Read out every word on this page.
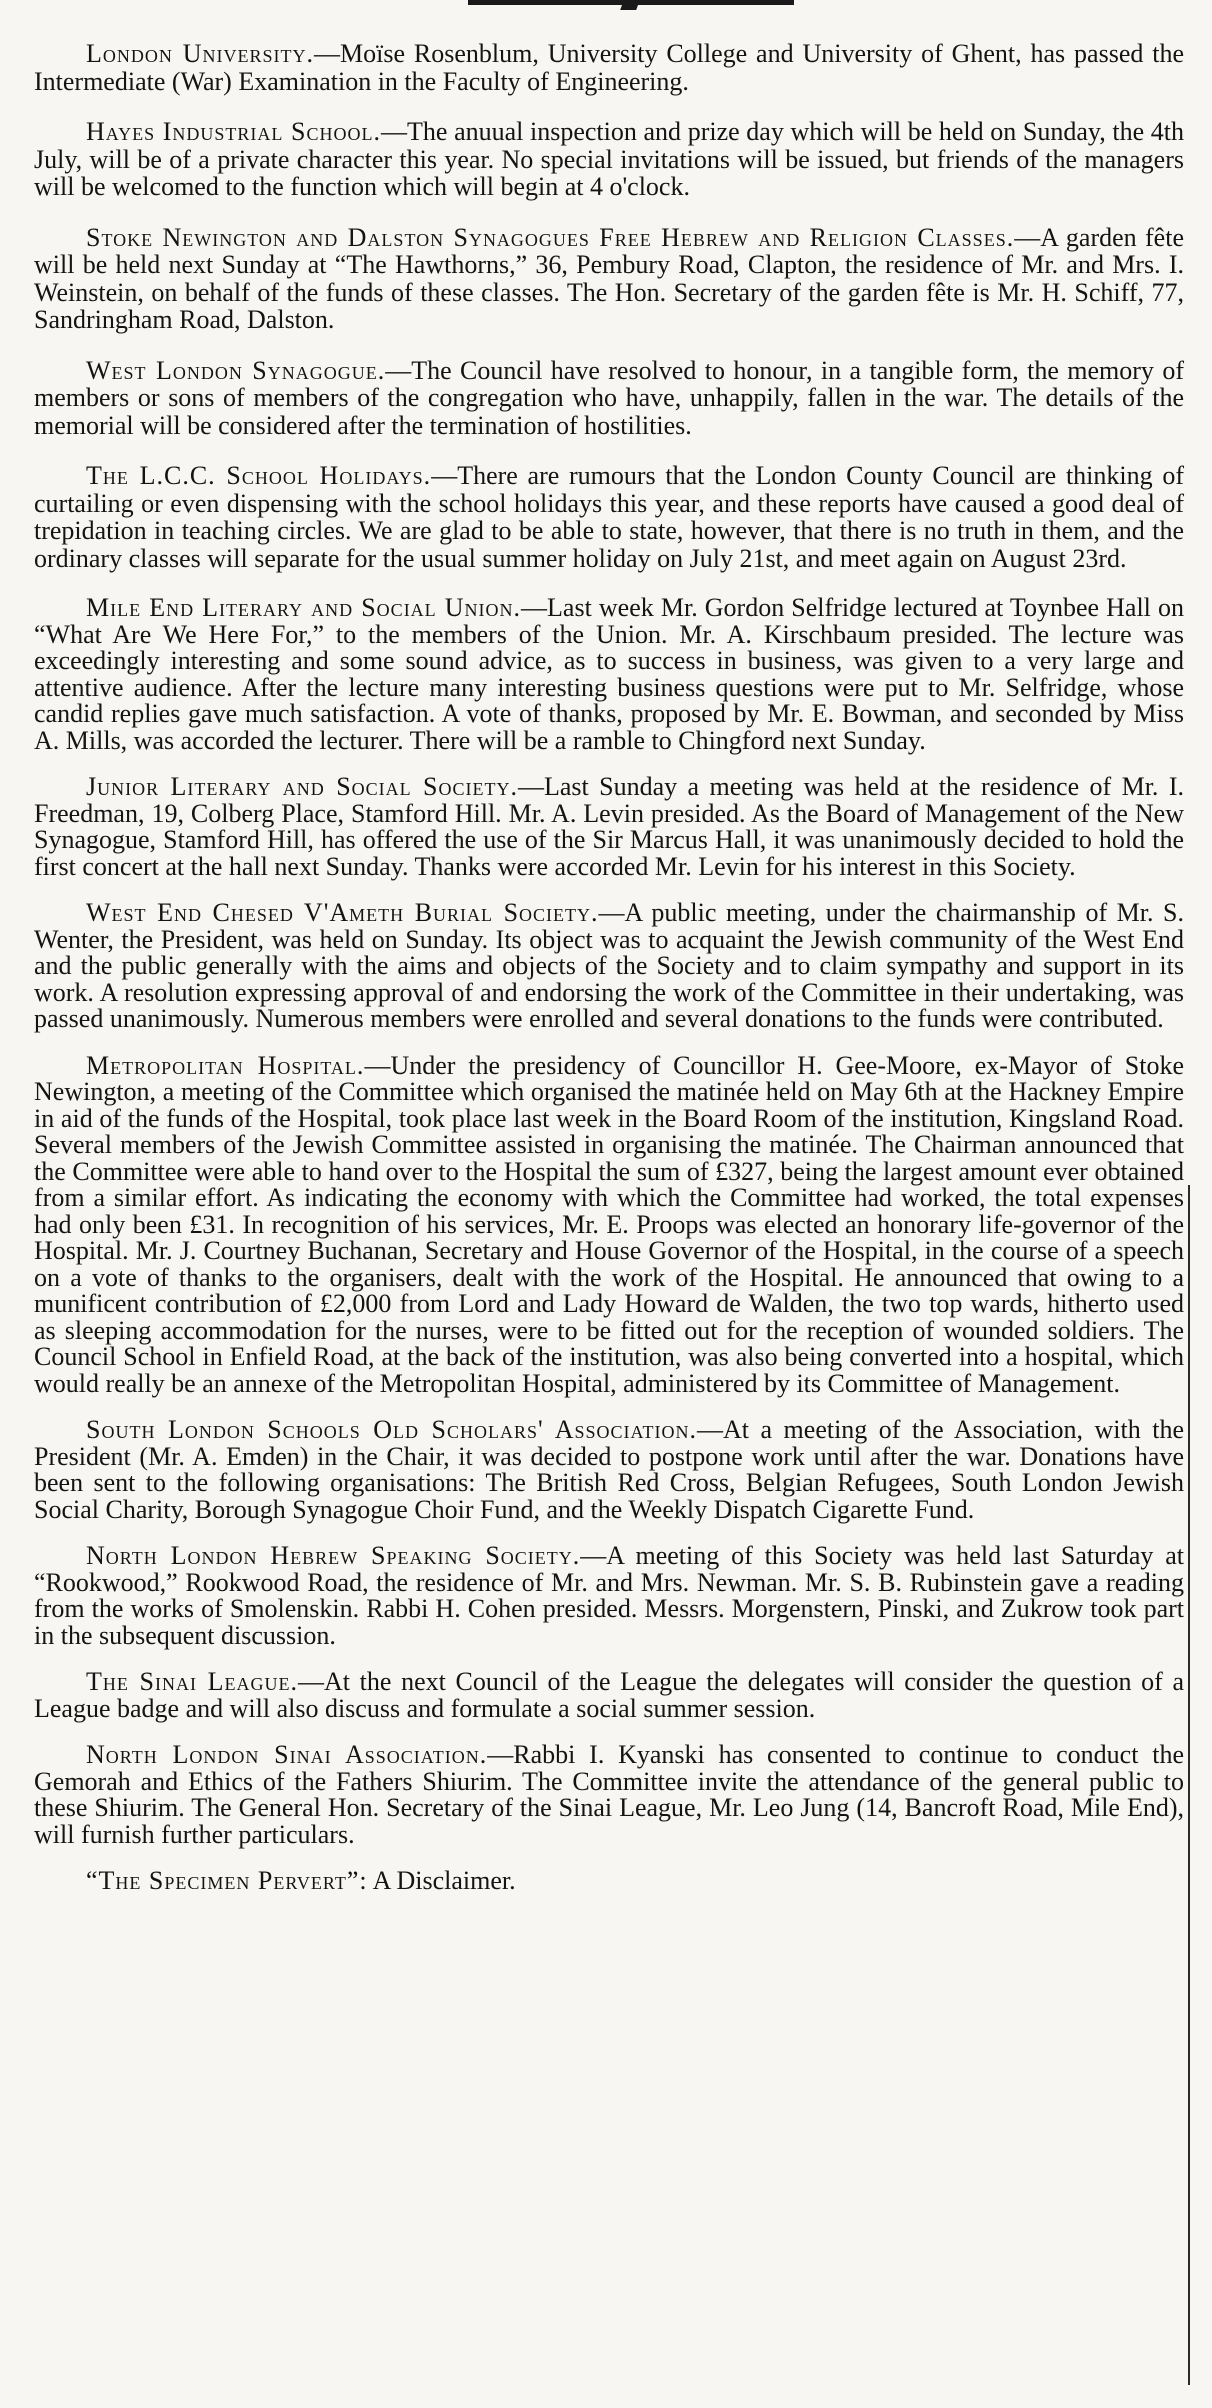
London University.—Moïse Rosenblum, University College and University of Ghent, has passed the Intermediate (War) Examination in the Faculty of Engineering.

Hayes Industrial School.—The anuual inspection and prize day which will be held on Sunday, the 4th July, will be of a private character this year. No special invitations will be issued, but friends of the managers will be welcomed to the function which will begin at 4 o'clock.

Stoke Newington and Dalston Synagogues Free Hebrew and Religion Classes.—A garden fête will be held next Sunday at “The Hawthorns,” 36, Pembury Road, Clapton, the residence of Mr. and Mrs. I. Weinstein, on behalf of the funds of these classes. The Hon. Secretary of the garden fête is Mr. H. Schiff, 77, Sandringham Road, Dalston.

West London Synagogue.—The Council have resolved to honour, in a tangible form, the memory of members or sons of members of the congregation who have, unhappily, fallen in the war. The details of the memorial will be considered after the termination of hostilities.

The L.C.C. School Holidays.—There are rumours that the London County Council are thinking of curtailing or even dispensing with the school holidays this year, and these reports have caused a good deal of trepidation in teaching circles. We are glad to be able to state, however, that there is no truth in them, and the ordinary classes will separate for the usual summer holiday on July 21st, and meet again on August 23rd.

Mile End Literary and Social Union.—Last week Mr. Gordon Selfridge lectured at Toynbee Hall on “What Are We Here For,” to the members of the Union. Mr. A. Kirschbaum presided. The lecture was exceedingly interesting and some sound advice, as to success in business, was given to a very large and attentive audience. After the lecture many interesting business questions were put to Mr. Selfridge, whose candid replies gave much satisfaction. A vote of thanks, proposed by Mr. E. Bowman, and seconded by Miss A. Mills, was accorded the lecturer. There will be a ramble to Chingford next Sunday.

Junior Literary and Social Society.—Last Sunday a meeting was held at the residence of Mr. I. Freedman, 19, Colberg Place, Stamford Hill. Mr. A. Levin presided. As the Board of Management of the New Synagogue, Stamford Hill, has offered the use of the Sir Marcus Hall, it was unanimously decided to hold the first concert at the hall next Sunday. Thanks were accorded Mr. Levin for his interest in this Society.

West End Chesed V'Ameth Burial Society.—A public meeting, under the chairmanship of Mr. S. Wenter, the President, was held on Sunday. Its object was to acquaint the Jewish community of the West End and the public generally with the aims and objects of the Society and to claim sympathy and support in its work. A resolution expressing approval of and endorsing the work of the Committee in their undertaking, was passed unanimously. Numerous members were enrolled and several donations to the funds were contributed.

Metropolitan Hospital.—Under the presidency of Councillor H. Gee-Moore, ex-Mayor of Stoke Newington, a meeting of the Committee which organised the matinée held on May 6th at the Hackney Empire in aid of the funds of the Hospital, took place last week in the Board Room of the institution, Kingsland Road. Several members of the Jewish Committee assisted in organising the matinée. The Chairman announced that the Committee were able to hand over to the Hospital the sum of £327, being the largest amount ever obtained from a similar effort. As indicating the economy with which the Committee had worked, the total expenses had only been £31. In recognition of his services, Mr. E. Proops was elected an honorary life-governor of the Hospital. Mr. J. Courtney Buchanan, Secretary and House Governor of the Hospital, in the course of a speech on a vote of thanks to the organisers, dealt with the work of the Hospital. He announced that owing to a munificent contribution of £2,000 from Lord and Lady Howard de Walden, the two top wards, hitherto used as sleeping accommodation for the nurses, were to be fitted out for the reception of wounded soldiers. The Council School in Enfield Road, at the back of the institution, was also being converted into a hospital, which would really be an annexe of the Metropolitan Hospital, administered by its Committee of Management.

South London Schools Old Scholars' Association.—At a meeting of the Association, with the President (Mr. A. Emden) in the Chair, it was decided to postpone work until after the war. Donations have been sent to the following organisations: The British Red Cross, Belgian Refugees, South London Jewish Social Charity, Borough Synagogue Choir Fund, and the Weekly Dispatch Cigarette Fund.

North London Hebrew Speaking Society.—A meeting of this Society was held last Saturday at “Rookwood,” Rookwood Road, the residence of Mr. and Mrs. Newman. Mr. S. B. Rubinstein gave a reading from the works of Smolenskin. Rabbi H. Cohen presided. Messrs. Morgenstern, Pinski, and Zukrow took part in the subsequent discussion.

The Sinai League.—At the next Council of the League the delegates will consider the question of a League badge and will also discuss and formulate a social summer session.

North London Sinai Association.—Rabbi I. Kyanski has consented to continue to conduct the Gemorah and Ethics of the Fathers Shiurim. The Committee invite the attendance of the general public to these Shiurim. The General Hon. Secretary of the Sinai League, Mr. Leo Jung (14, Bancroft Road, Mile End), will furnish further particulars.

“The Specimen Pervert”: A Disclaimer.
